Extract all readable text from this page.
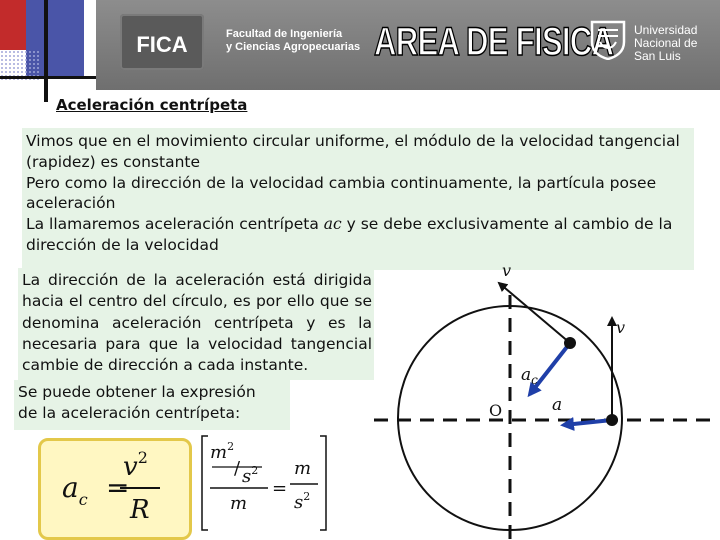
FICA	Facultad de Ingeniería
y Ciencias Agropecuarias AREA DE FISICA Universidad
Nacional de
San Luis
Aceleración centrípeta
Vimos que en el movimiento circular uniforme, el módulo de la velocidad tangencial
(rapidez) es constante
Pero como la dirección de la velocidad cambia continuamente, la partícula posee
aceleración
La llamaremos aceleración centrípeta ac y se debe exclusivamente al cambio de la
dirección de la velocidad
La dirección de la aceleración está dirigida hacia el centro del círculo, es por ello que se denomina aceleración centrípeta y es la necesaria para que la velocidad tangencial cambie de dirección a cada instante.
Se puede obtener la expresión
de la aceleración centrípeta:
v
v
$a_c$
a
O
$a_c$ =
$v^2$
R
$m^2$
/ $s^2$
m
=
m
$s^2$
